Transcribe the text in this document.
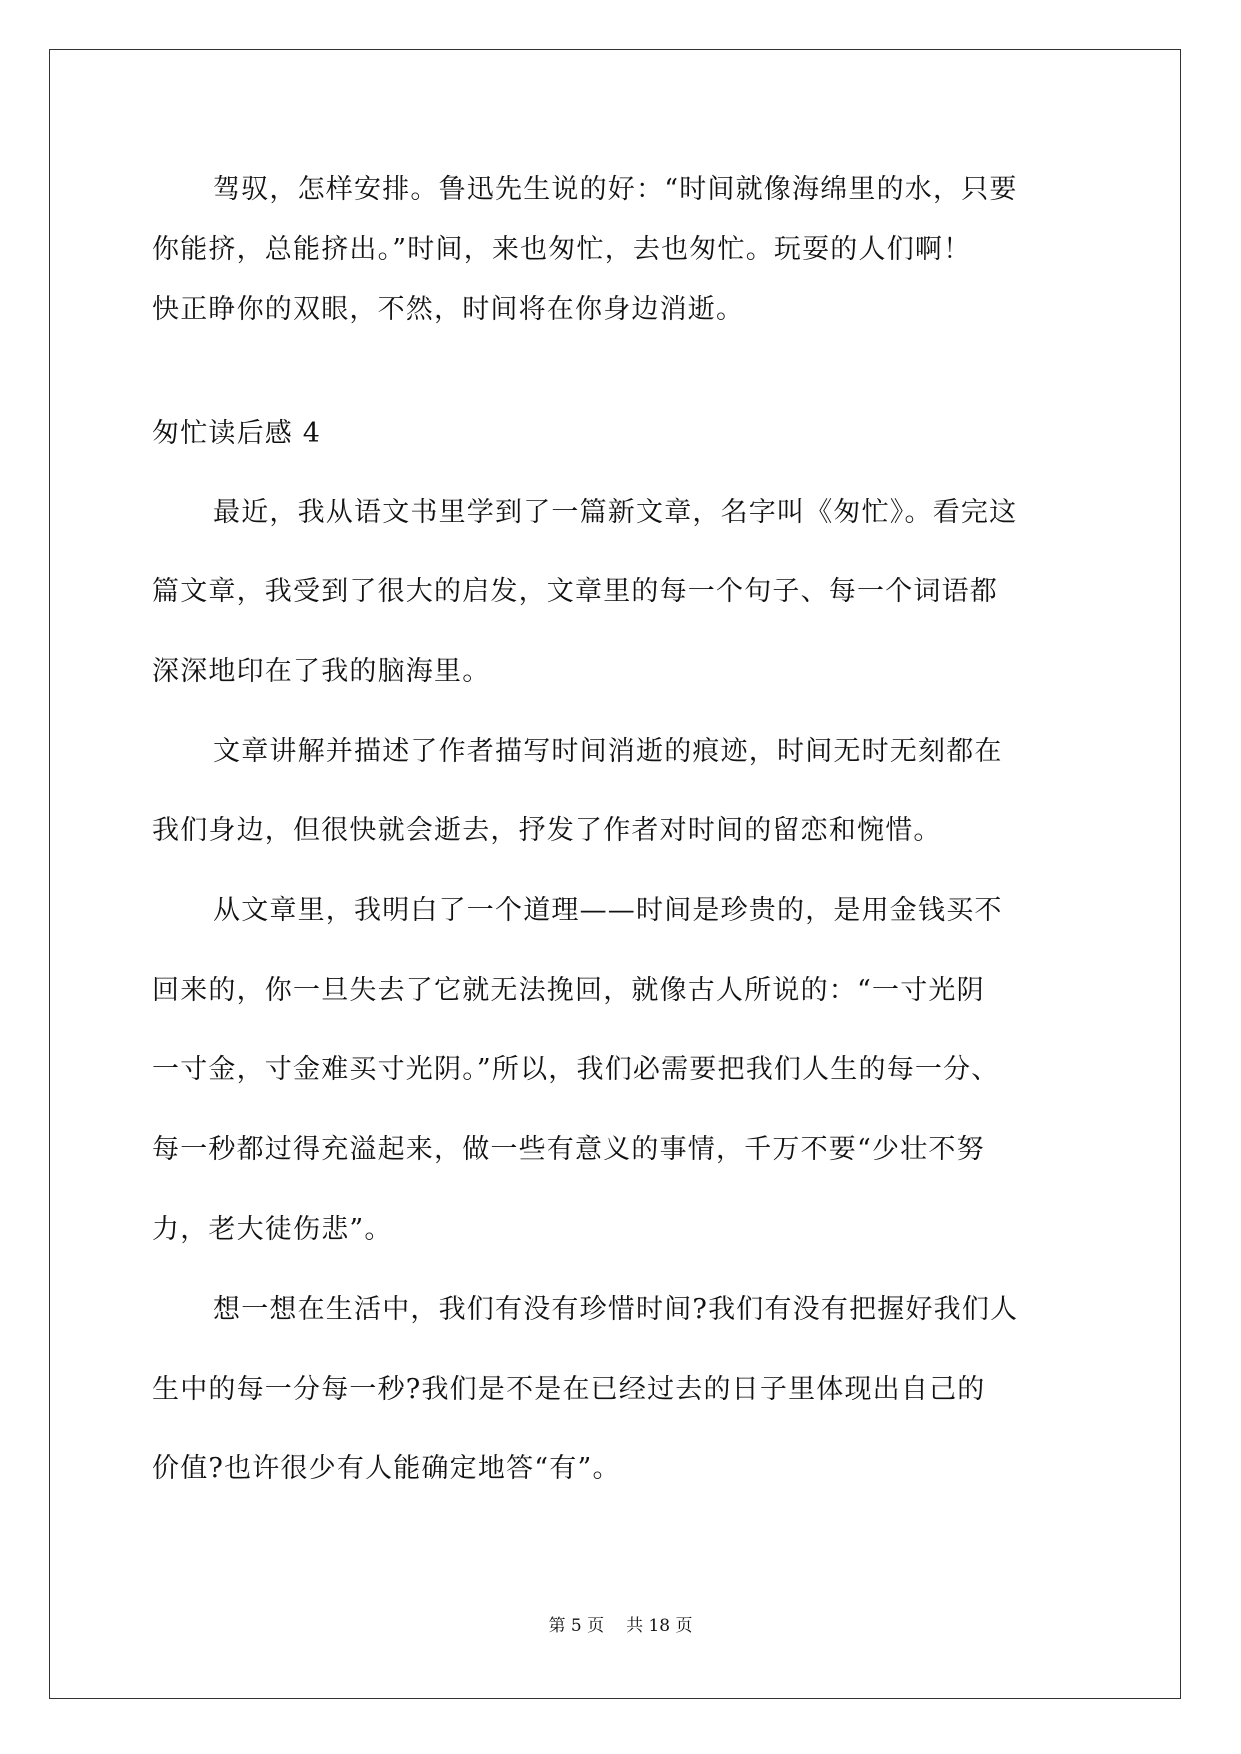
驾驭，怎样安排。鲁迅先生说的好：“时间就像海绵里的水，只要
你能挤，总能挤出。”时间，来也匆忙，去也匆忙。玩耍的人们啊！
快正睁你的双眼，不然，时间将在你身边消逝。
匆忙读后感 4
最近，我从语文书里学到了一篇新文章，名字叫《匆忙》。看完这
篇文章，我受到了很大的启发，文章里的每一个句子、每一个词语都
深深地印在了我的脑海里。
文章讲解并描述了作者描写时间消逝的痕迹，时间无时无刻都在
我们身边，但很快就会逝去，抒发了作者对时间的留恋和惋惜。
从文章里，我明白了一个道理——时间是珍贵的，是用金钱买不
回来的，你一旦失去了它就无法挽回，就像古人所说的：“一寸光阴
一寸金，寸金难买寸光阴。”所以，我们必需要把我们人生的每一分、
每一秒都过得充溢起来，做一些有意义的事情，千万不要“少壮不努
力，老大徒伤悲”。
想一想在生活中，我们有没有珍惜时间?我们有没有把握好我们人
生中的每一分每一秒?我们是不是在已经过去的日子里体现出自己的
价值?也许很少有人能确定地答“有”。
第 5 页 共 18 页
